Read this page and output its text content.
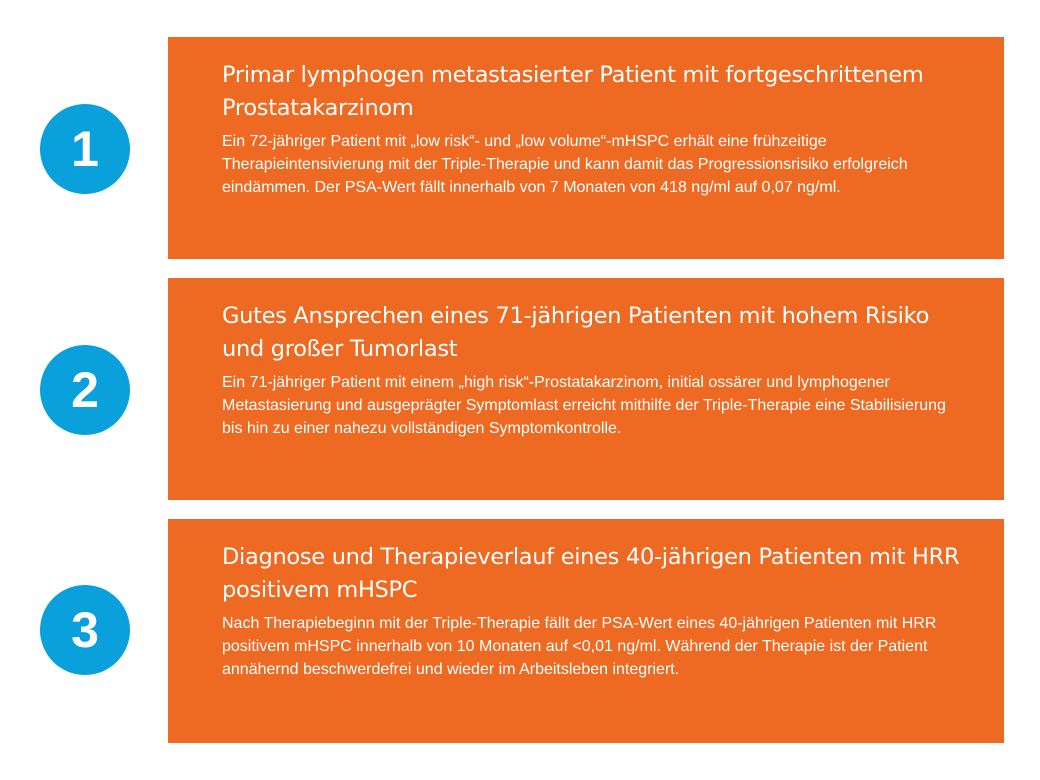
1
Primar lymphogen metastasierter Patient mit fortgeschrittenem Prostatakarzinom
Ein 72-jähriger Patient mit „low risk“- und „low volume“-mHSPC erhält eine frühzeitige Therapieintensivierung mit der Triple-Therapie und kann damit das Progressionsrisiko erfolgreich eindämmen. Der PSA-Wert fällt innerhalb von 7 Monaten von 418 ng/ml auf 0,07 ng/ml.
2
Gutes Ansprechen eines 71-jährigen Patienten mit hohem Risiko und großer Tumorlast
Ein 71-jähriger Patient mit einem „high risk“-Prostatakarzinom, initial ossärer und lymphogener Metastasierung und ausgeprägter Symptomlast erreicht mithilfe der Triple-Therapie eine Stabilisierung bis hin zu einer nahezu vollständigen Symptomkontrolle.
3
Diagnose und Therapieverlauf eines 40-jährigen Patienten mit HRR positivem mHSPC
Nach Therapiebeginn mit der Triple-Therapie fällt der PSA-Wert eines 40-jährigen Patienten mit HRR positivem mHSPC innerhalb von 10 Monaten auf <0,01 ng/ml. Während der Therapie ist der Patient annähernd beschwerdefrei und wieder im Arbeitsleben integriert.
